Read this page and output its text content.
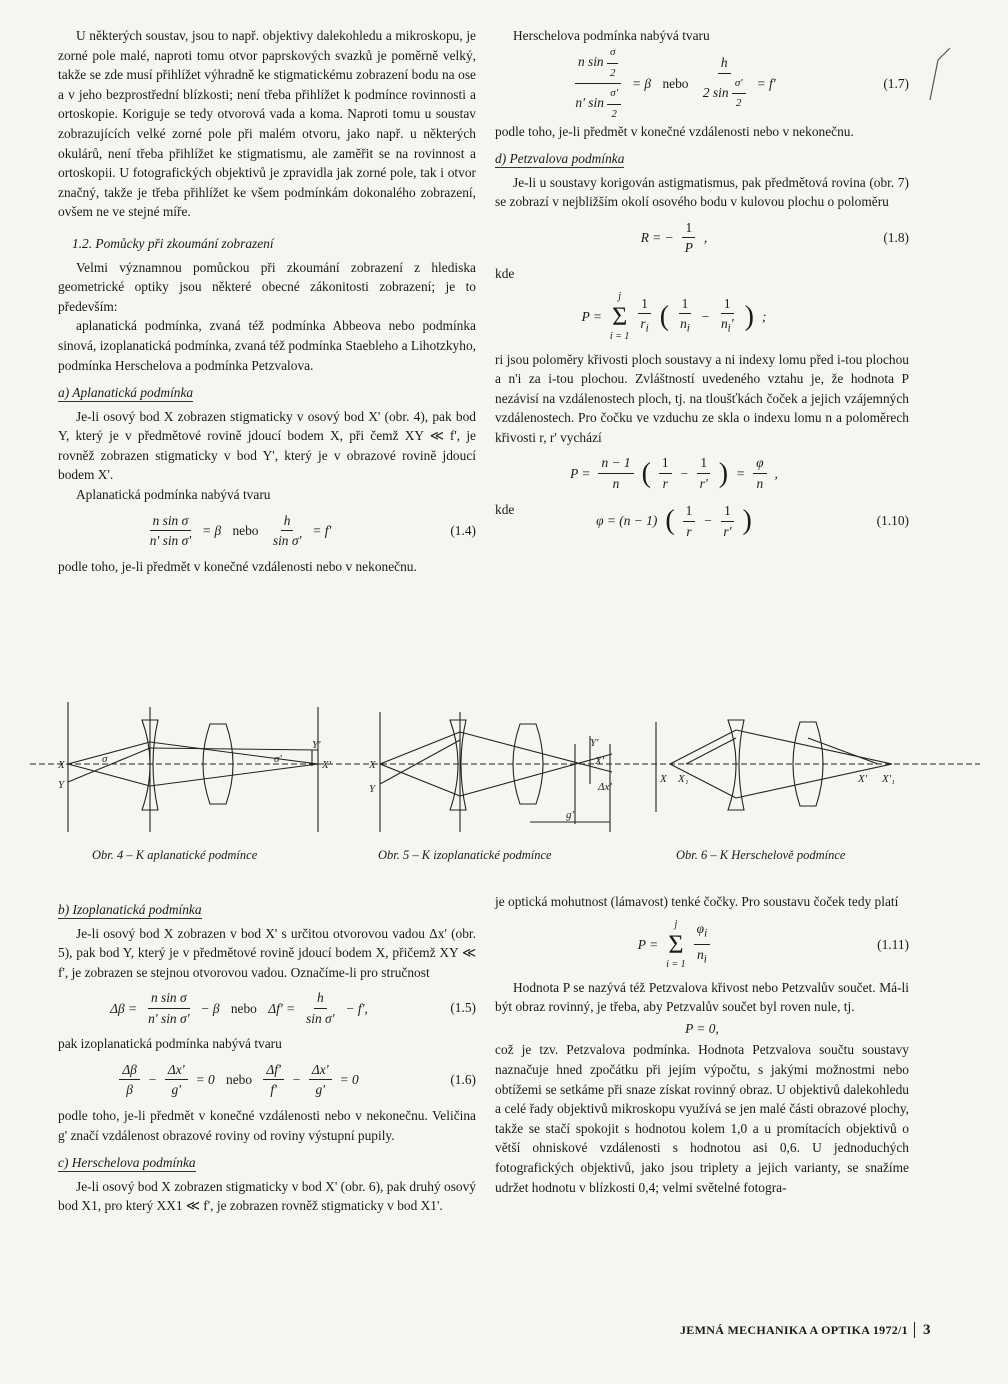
U některých soustav, jsou to např. objektivy dalekohledu a mikroskopu, je zorné pole malé, naproti tomu otvor paprskových svazků je poměrně velký, takže se zde musí přihlížet výhradně ke stigmatickému zobrazení bodu na ose a v jeho bezprostřední blízkosti; není třeba přihlížet k podmínce rovinnosti a ortoskopie. Koriguje se tedy otvorová vada a koma. Naproti tomu u soustav zobrazujících velké zorné pole při malém otvoru, jako např. u některých okulárů, není třeba přihlížet ke stigmatismu, ale zaměřit se na rovinnost a ortoskopii. U fotografických objektivů je zpravidla jak zorné pole, tak i otvor značný, takže je třeba přihlížet ke všem podmínkám dokonalého zobrazení, ovšem ne ve stejné míře.

1.2. Pomůcky při zkoumání zobrazení

Velmi významnou pomůckou při zkoumání zobrazení z hlediska geometrické optiky jsou některé obecné zákonitosti zobrazení; je to především:

aplanatická podmínka, zvaná též podmínka Abbeova nebo podmínka sinová, izoplanatická podmínka, zvaná též podmínka Staebleho a Lihotzkyho, podmínka Herschelova a podmínka Petzvalova.

a) Aplanatická podmínka

Je-li osový bod X zobrazen stigmaticky v osový bod X' (obr. 4), pak bod Y, který je v předmětové rovině jdoucí bodem X, při čemž XY ≪ f', je rovněž zobrazen stigmaticky v bod Y', který je v obrazové rovině jdoucí bodem X'.

Aplanatická podmínka nabývá tvaru

$\frac{\text{n sin σ}}{\text{n' sin σ'}} = \beta$ nebo $\frac{h}{\text{sin σ'}} = f'$	(1.4)

podle toho, je-li předmět v konečné vzdálenosti nebo v nekonečnu.

Herschelova podmínka nabývá tvaru

$\frac{n \sin \frac{\sigma}{2}}{n' \sin \frac{\sigma'}{2}} = \beta$ nebo $\frac{h}{2 \sin \frac{\sigma'}{2}} = f'$	(1.7)

podle toho, je-li předmět v konečné vzdálenosti nebo v nekonečnu.

d) Petzvalova podmínka

Je-li u soustavy korigován astigmatismus, pak předmětová rovina (obr. 7) se zobrazí v nejbližším okolí osového bodu v kulovou plochu o poloměru

R = − $\frac{1}{P}$ ,	(1.8)

kde

P =
j
Σ
$i = 1 \frac{1}{r_i}$ ( $\frac{1}{n_i} - \frac{1}{n_i'}$ ) ;

ri jsou poloměry křivosti ploch soustavy a ni indexy lomu před i-tou plochou a n'i za i-tou plochou. Zvláštností uvedeného vztahu je, že hodnota P nezávisí na vzdálenostech ploch, tj. na tloušťkách čoček a jejich vzájemných vzdálenostech. Pro čočku ve vzduchu ze skla o indexu lomu n a poloměrech křivosti r, r' vychází

$P = \frac{n - 1}{n}$ ( $\frac{1}{r} - \frac{1}{r'}$ ) = $\frac{\varphi}{n}$ ,

kde

φ = (n − 1) ( $\frac{1}{r} - \frac{1}{r'}$ )	(1.10)
X
Y
X'
Y'
σ	σ'	X
Y
X'
Y'
Δx'
g'
X X₁	X' X'₁
Obr. 4 – K aplanatické podmínce	Obr. 5 – K izoplanatické podmínce	Obr. 6 – K Herschelově podmínce

b) Izoplanatická podmínka

Je-li osový bod X zobrazen v bod X' s určitou otvorovou vadou Δx' (obr. 5), pak bod Y, který je v předmětové rovině jdoucí bodem X, přičemž XY ≪ f', je zobrazen se stejnou otvorovou vadou. Označíme-li pro stručnost

$\Delta\beta = \frac{\text{n sin σ}}{\text{n' sin σ'}} - \beta$ nebo $\Delta f' = \frac{h}{\text{sin σ'}} - f'$,	(1.5)

pak izoplanatická podmínka nabývá tvaru

$\frac{\Delta\beta}{\beta} - \frac{\Delta x'}{g'} = 0$ nebo $\frac{\Delta f'}{f'} - \frac{\Delta x'}{g'} = 0$	(1.6)

podle toho, je-li předmět v konečné vzdálenosti nebo v nekonečnu. Veličina g' značí vzdálenost obrazové roviny od roviny výstupní pupily.

c) Herschelova podmínka

Je-li osový bod X zobrazen stigmaticky v bod X' (obr. 6), pak druhý osový bod X1, pro který XX1 ≪ f', je zobrazen rovněž stigmaticky v bod X1'.

je optická mohutnost (lámavost) tenké čočky. Pro soustavu čoček tedy platí

P =
j
Σ
$i = 1 \frac{\varphi_i}{n_i}$	(1.11)

Hodnota P se nazývá též Petzvalova křivost nebo Petzvalův součet. Má-li být obraz rovinný, je třeba, aby Petzvalův součet byl roven nule, tj.

P = 0,

což je tzv. Petzvalova podmínka. Hodnota Petzvalova součtu soustavy naznačuje hned zpočátku při jejím výpočtu, s jakými možnostmi nebo obtížemi se setkáme při snaze získat rovinný obraz. U objektivů dalekohledu a celé řady objektivů mikroskopu využívá se jen malé části obrazové plochy, takže se stačí spokojit s hodnotou kolem 1,0 a u promítacích objektivů o větší ohniskové vzdálenosti s hodnotou asi 0,6. U jednoduchých fotografických objektivů, jako jsou triplety a jejich varianty, se snažíme udržet hodnotu v blízkosti 0,4; velmi světelné fotogra-

JEMNÁ MECHANIKA A OPTIKA 1972/1 3
